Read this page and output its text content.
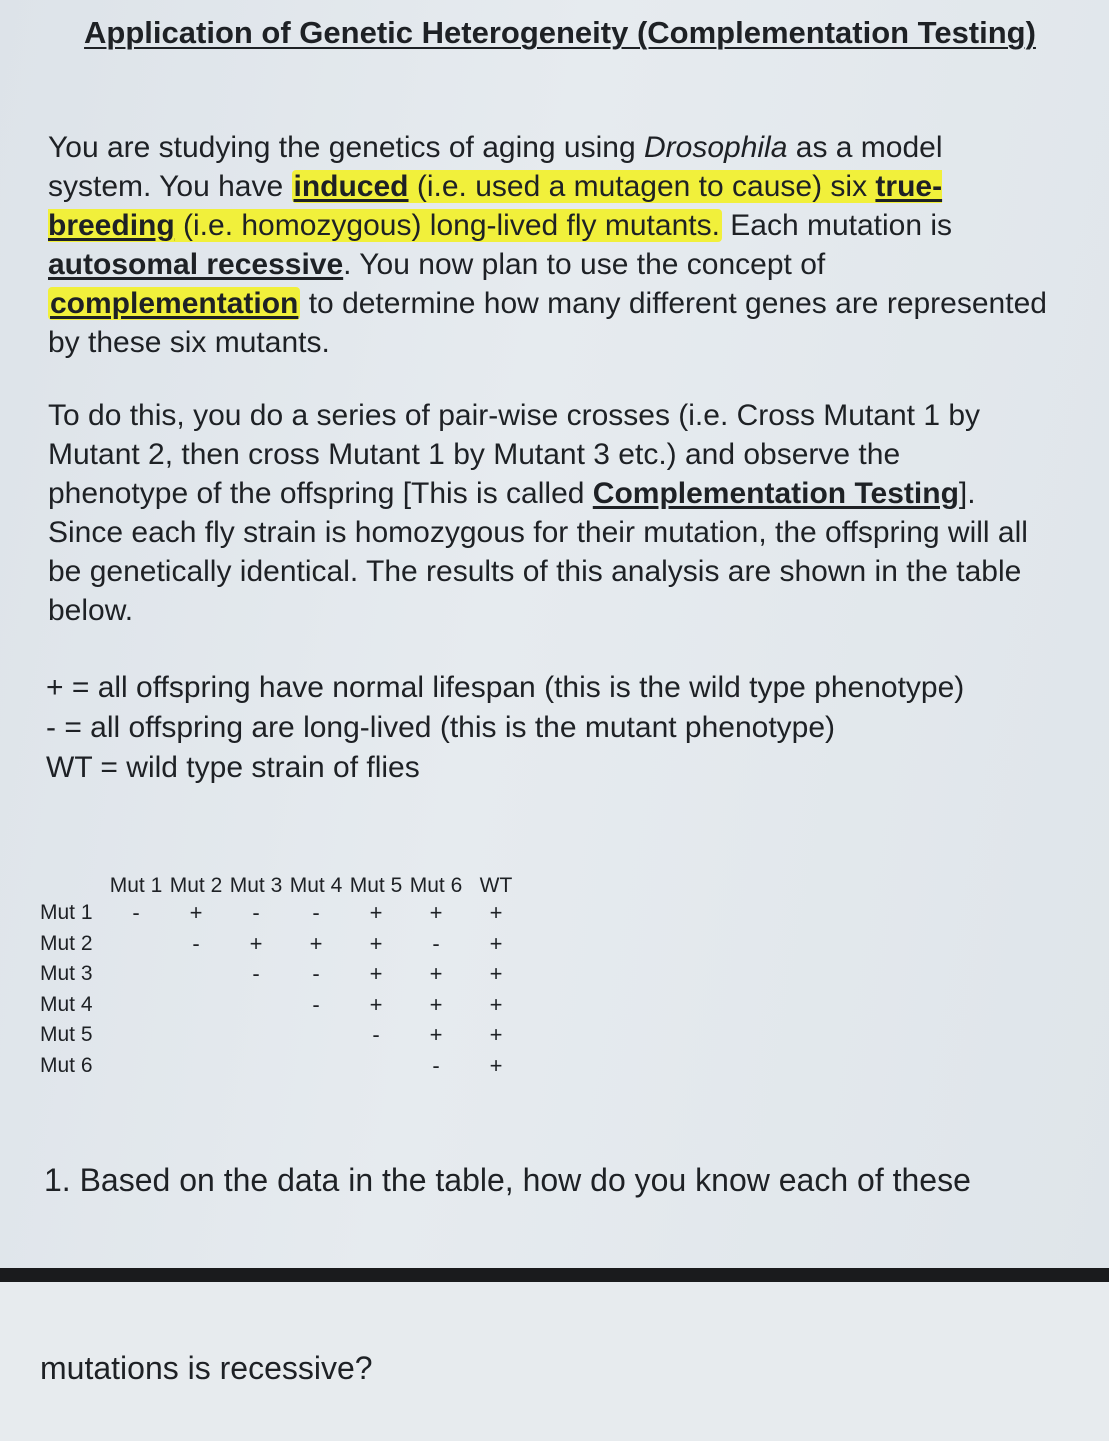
Application of Genetic Heterogeneity (Complementation Testing)

You are studying the genetics of aging using Drosophila as a model system. You have induced (i.e. used a mutagen to cause) six true-breeding (i.e. homozygous) long-lived fly mutants. Each mutation is autosomal recessive. You now plan to use the concept of complementation to determine how many different genes are represented by these six mutants.

To do this, you do a series of pair-wise crosses (i.e. Cross Mutant 1 by Mutant 2, then cross Mutant 1 by Mutant 3 etc.) and observe the phenotype of the offspring [This is called Complementation Testing]. Since each fly strain is homozygous for their mutation, the offspring will all be genetically identical. The results of this analysis are shown in the table below.

+ = all offspring have normal lifespan (this is the wild type phenotype)
- = all offspring are long-lived (this is the mutant phenotype)
WT = wild type strain of flies
	Mut 1	Mut 2	Mut 3	Mut 4	Mut 5	Mut 6	WT
Mut 1	-	+	-	-	+	+	+
Mut 2		-	+	+	+	-	+
Mut 3			-	-	+	+	+
Mut 4				-	+	+	+
Mut 5					-	+	+
Mut 6						-	+
1. Based on the data in the table, how do you know each of these
mutations is recessive?
